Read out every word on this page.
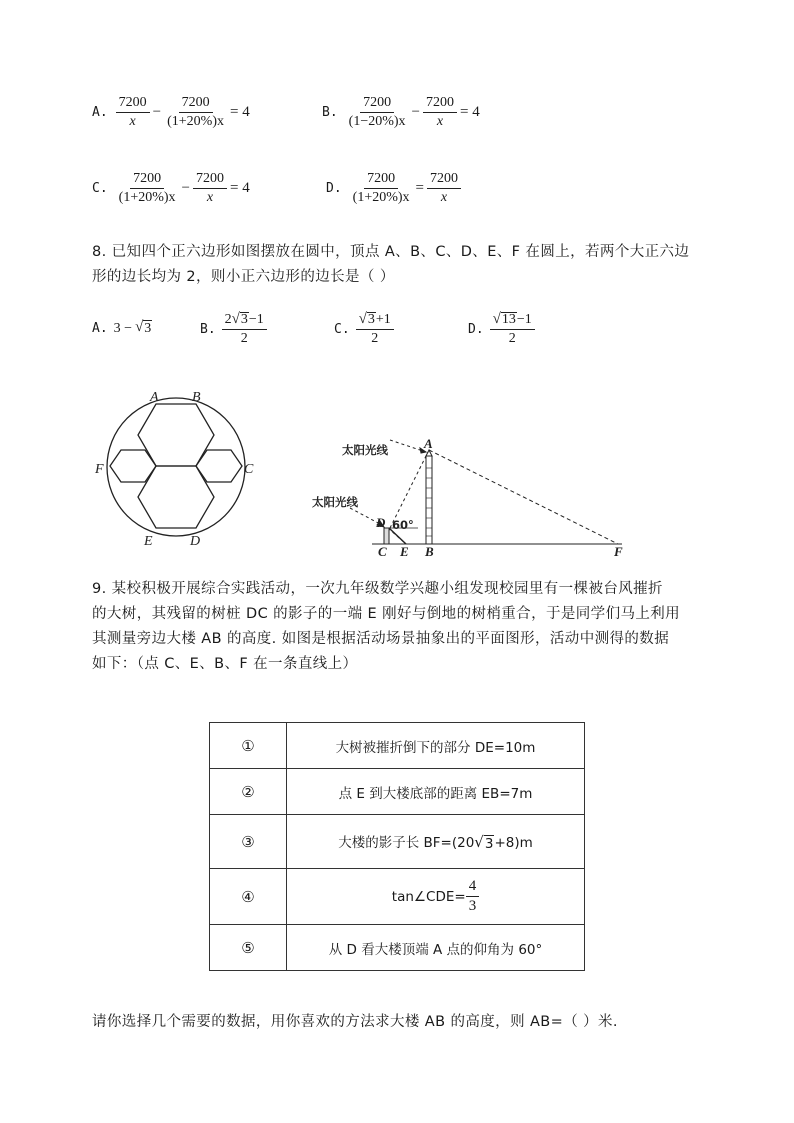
A. $\frac{7200}{x} - \frac{7200}{(1+20\%)x} = 4$	B. $\frac{7200}{(1-20\%)x} - \frac{7200}{x} = 4$
C. $\frac{7200}{(1+20\%)x} - \frac{7200}{x} = 4$	D. $\frac{7200}{(1+20\%)x} = \frac{7200}{x}$
8. 已知四个正六边形如图摆放在圆中，顶点 A、B、C、D、E、F 在圆上，若两个大正六边
形的边长均为 2，则小正六边形的边长是（ ）
A. 3 − √ 3	B. $\frac{2 √ 3 -1}{2}$	C. $\frac{√ 3 +1}{2}$	D. $\frac{√ 13 -1}{2}$
A B
C
F
E	D
太阳光线
太阳光线
60°
A
D
C E B	F
9. 某校积极开展综合实践活动，一次九年级数学兴趣小组发现校园里有一棵被台风摧折
的大树，其残留的树桩 DC 的影子的一端 E 刚好与倒地的树梢重合，于是同学们马上利用
其测量旁边大楼 AB 的高度. 如图是根据活动场景抽象出的平面图形，活动中测得的数据
如下：（点 C、E、B、F 在一条直线上）
①	大树被摧折倒下的部分 DE=10m
②	点 E 到大楼底部的距离 EB=7m
③	大楼的影子长 BF=(20 √ 3 +8)m
④	tan∠CDE= $\frac{4}{3}$

⑤	从 D 看大楼顶端 A 点的仰角为 60°
请你选择几个需要的数据，用你喜欢的方法求大楼 AB 的高度，则 AB=（ ）米.
